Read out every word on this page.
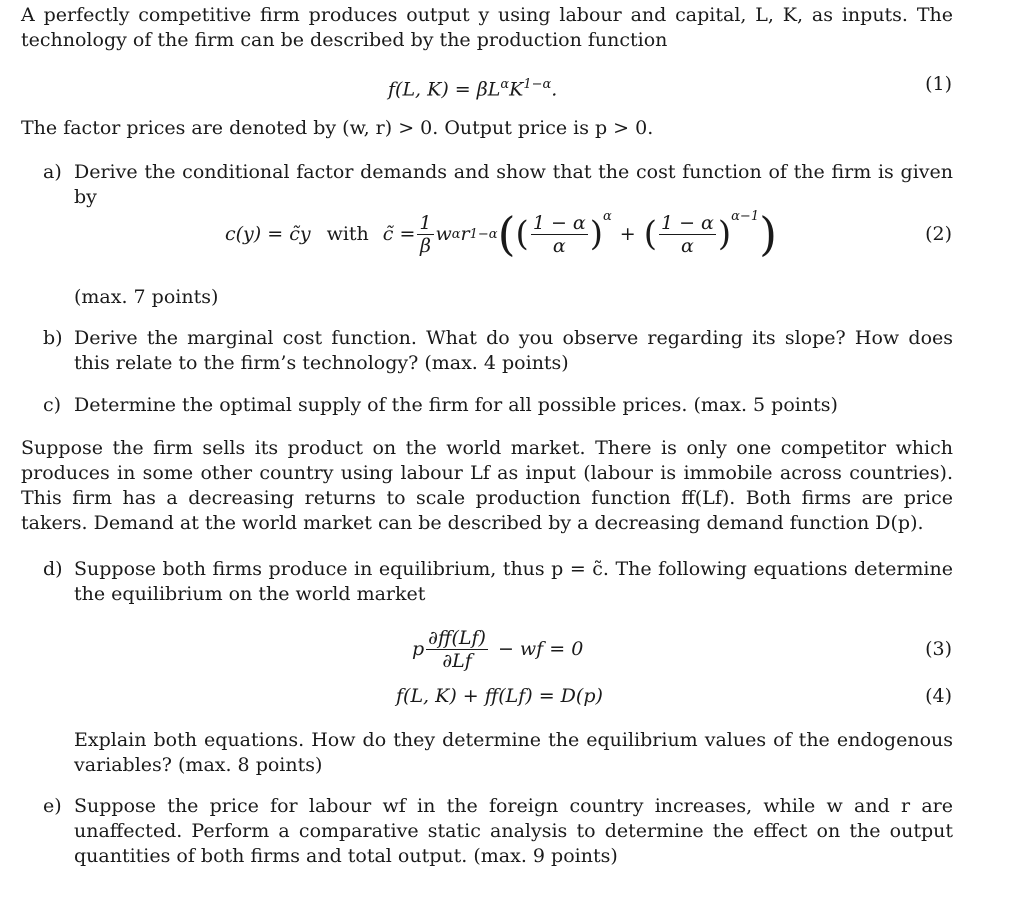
A perfectly competitive firm produces output y using labour and capital, L, K, as inputs. The technology of the firm can be described by the production function
f(L, $K) = \beta L^\alpha K^{1-\alpha}$.	(1)
The factor prices are denoted by (w, r) > 0. Output price is p > 0.
a) Derive the conditional factor demands and show that the cost function of the firm is given by
c(y) = c̃y with c̃ = $\frac{1}{\beta}$ w α r 1−α ( ( $\frac{1 - \alpha}{\alpha} )^\alpha$
+ ( $\frac{1 - \alpha}{\alpha} )^{\alpha-1}$ )	(2)
(max. 7 points)
b) Derive the marginal cost function. What do you observe regarding its slope? How does this relate to the firm’s technology? (max. 4 points)
c) Determine the optimal supply of the firm for all possible prices. (max. 5 points)
Suppose the firm sells its product on the world market. There is only one competitor which produces in some other country using labour Lf as input (labour is immobile across countries). This firm has a decreasing returns to scale production function ff(Lf). Both firms are price takers. Demand at the world market can be described by a decreasing demand function D(p).
d) Suppose both firms produce in equilibrium, thus p = c̃. The following equations determine the equilibrium on the world market
p $\frac{\partial ff(Lf)}{\partial Lf}$ − wf = 0	(3)
f(L, K) + ff(Lf) = D(p)	(4)
Explain both equations. How do they determine the equilibrium values of the endogenous variables? (max. 8 points)
e) Suppose the price for labour wf in the foreign country increases, while w and r are unaffected. Perform a comparative static analysis to determine the effect on the output quantities of both firms and total output. (max. 9 points)
